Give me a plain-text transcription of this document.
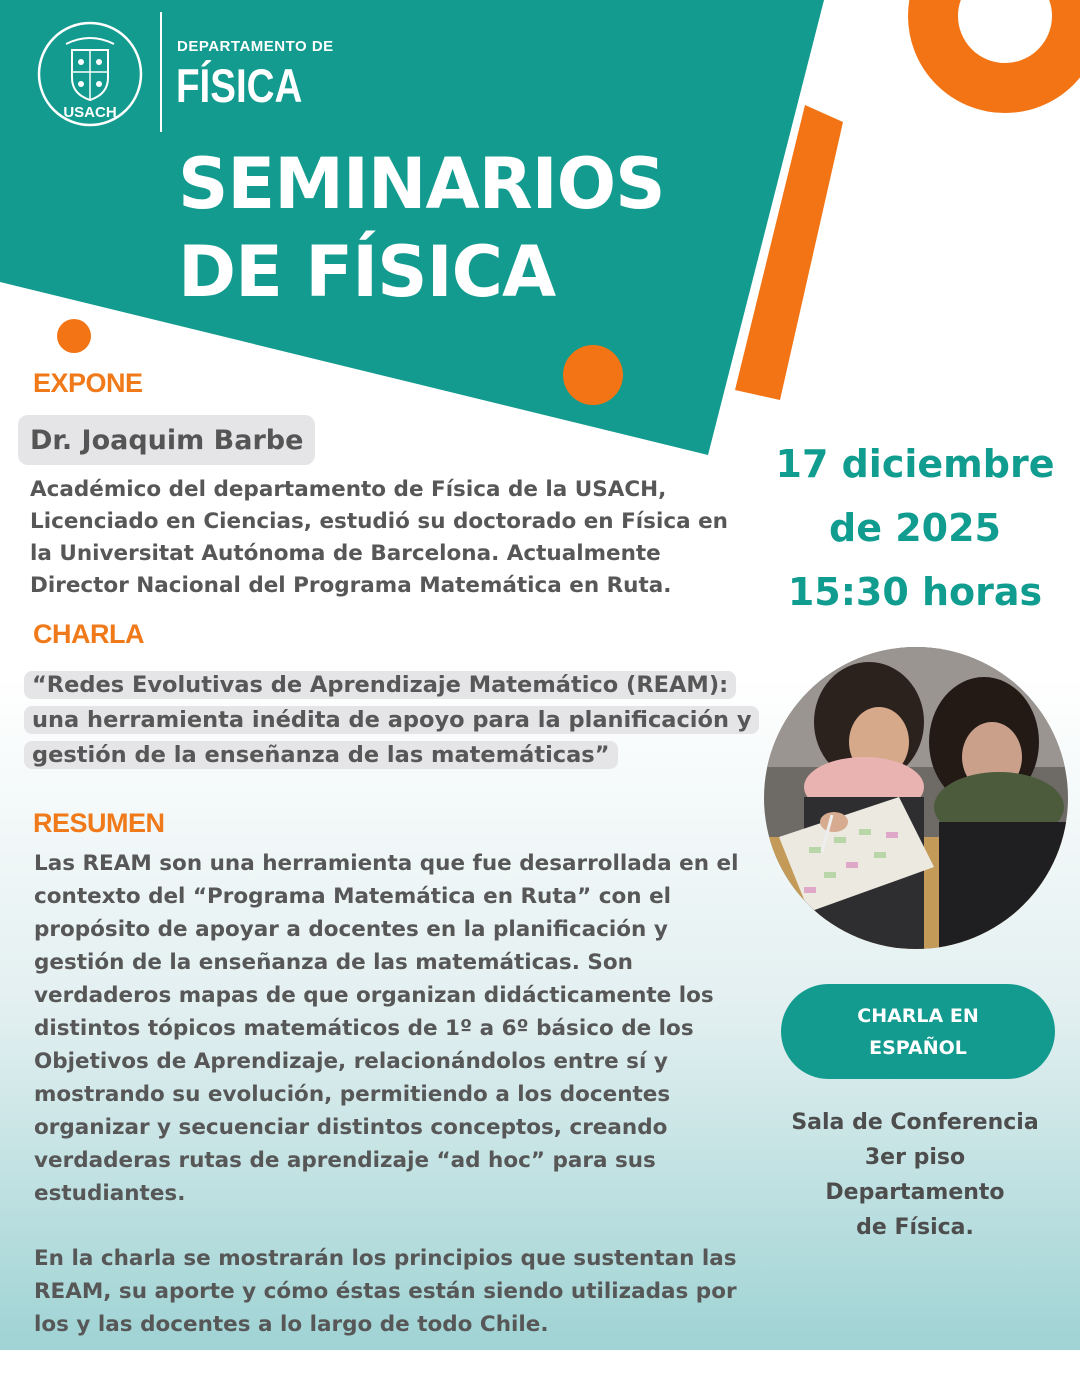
USACH
DEPARTAMENTO DE
FÍSICA
SEMINARIOS
DE FÍSICA
EXPONE
Dr. Joaquim Barbe
Académico del departamento de Física de la USACH, Licenciado en Ciencias, estudió su doctorado en Física en la Universitat Autónoma de Barcelona. Actualmente Director Nacional del Programa Matemática en Ruta.
CHARLA
“Redes Evolutivas de Aprendizaje Matemático (REAM): una herramienta inédita de apoyo para la planificación y gestión de la enseñanza de las matemáticas”
RESUMEN

Las REAM son una herramienta que fue desarrollada en el contexto del “Programa Matemática en Ruta” con el propósito de apoyar a docentes en la planificación y gestión de la enseñanza de las matemáticas. Son verdaderos mapas de que organizan didácticamente los distintos tópicos matemáticos de 1º a 6º básico de los Objetivos de Aprendizaje, relacionándolos entre sí y mostrando su evolución, permitiendo a los docentes organizar y secuenciar distintos conceptos, creando verdaderas rutas de aprendizaje “ad hoc” para sus estudiantes.

En la charla se mostrarán los principios que sustentan las REAM, su aporte y cómo éstas están siendo utilizadas por los y las docentes a lo largo de todo Chile.

17 diciembre
de 2025
15:30 horas
CHARLA EN
ESPAÑOL
Sala de Conferencia
3er piso
Departamento
de Física.
